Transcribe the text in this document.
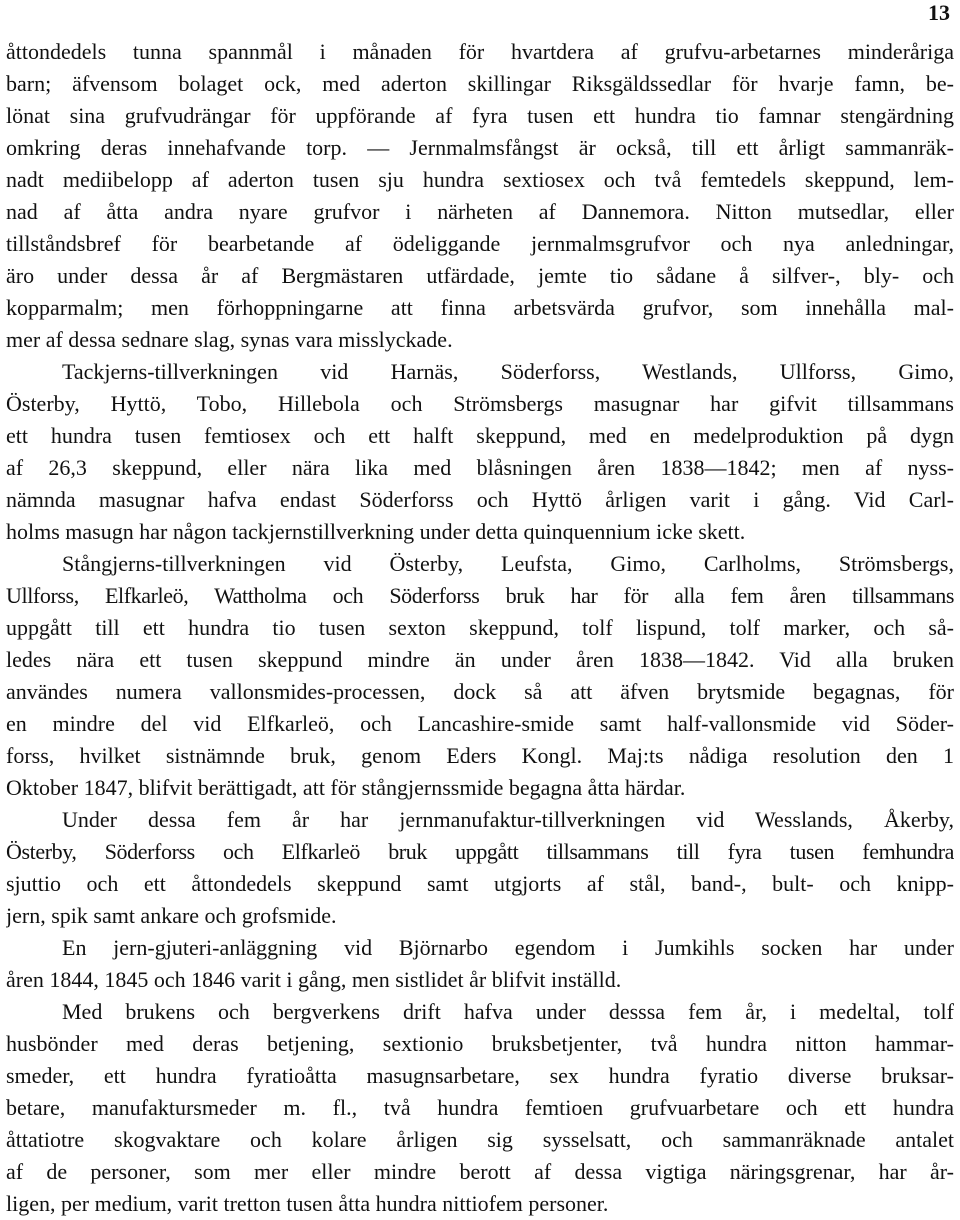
13
åttondedels tunna spannmål i månaden för hvartdera af grufvu-arbetarnes minderåriga
barn; äfvensom bolaget ock, med aderton skillingar Riksgäldssedlar för hvarje famn, be-
lönat sina grufvudrängar för uppförande af fyra tusen ett hundra tio famnar stengärdning
omkring deras innehafvande torp. — Jernmalmsfångst är också, till ett årligt sammanräk-
nadt mediibelopp af aderton tusen sju hundra sextiosex och två femtedels skeppund, lem-
nad af åtta andra nyare grufvor i närheten af Dannemora. Nitton mutsedlar, eller
tillståndsbref för bearbetande af ödeliggande jernmalmsgrufvor och nya anledningar,
äro under dessa år af Bergmästaren utfärdade, jemte tio sådane å silfver-, bly- och
kopparmalm; men förhoppningarne att finna arbetsvärda grufvor, som innehålla mal-
mer af dessa sednare slag, synas vara misslyckade.
Tackjerns-tillverkningen vid Harnäs, Söderforss, Westlands, Ullforss, Gimo,
Österby, Hyttö, Tobo, Hillebola och Strömsbergs masugnar har gifvit tillsammans
ett hundra tusen femtiosex och ett halft skeppund, med en medelproduktion på dygn
af 26,3 skeppund, eller nära lika med blåsningen åren 1838—1842; men af nyss-
nämnda masugnar hafva endast Söderforss och Hyttö årligen varit i gång. Vid Carl-
holms masugn har någon tackjernstillverkning under detta quinquennium icke skett.
Stångjerns-tillverkningen vid Österby, Leufsta, Gimo, Carlholms, Strömsbergs,
Ullforss, Elfkarleö, Wattholma och Söderforss bruk har för alla fem åren tillsammans
uppgått till ett hundra tio tusen sexton skeppund, tolf lispund, tolf marker, och så-
ledes nära ett tusen skeppund mindre än under åren 1838—1842. Vid alla bruken
användes numera vallonsmides-processen, dock så att äfven brytsmide begagnas, för
en mindre del vid Elfkarleö, och Lancashire-smide samt half-vallonsmide vid Söder-
forss, hvilket sistnämnde bruk, genom Eders Kongl. Maj:ts nådiga resolution den 1
Oktober 1847, blifvit berättigadt, att för stångjernssmide begagna åtta härdar.
Under dessa fem år har jernmanufaktur-tillverkningen vid Wesslands, Åkerby,
Österby, Söderforss och Elfkarleö bruk uppgått tillsammans till fyra tusen femhundra
sjuttio och ett åttondedels skeppund samt utgjorts af stål, band-, bult- och knipp-
jern, spik samt ankare och grofsmide.
En jern-gjuteri-anläggning vid Björnarbo egendom i Jumkihls socken har under
åren 1844, 1845 och 1846 varit i gång, men sistlidet år blifvit inställd.
Med brukens och bergverkens drift hafva under desssa fem år, i medeltal, tolf
husbönder med deras betjening, sextionio bruksbetjenter, två hundra nitton hammar-
smeder, ett hundra fyratioåtta masugnsarbetare, sex hundra fyratio diverse bruksar-
betare, manufaktursmeder m. fl., två hundra femtioen grufvuarbetare och ett hundra
åttatiotre skogvaktare och kolare årligen sig sysselsatt, och sammanräknade antalet
af de personer, som mer eller mindre berott af dessa vigtiga näringsgrenar, har år-
ligen, per medium, varit tretton tusen åtta hundra nittiofem personer.
